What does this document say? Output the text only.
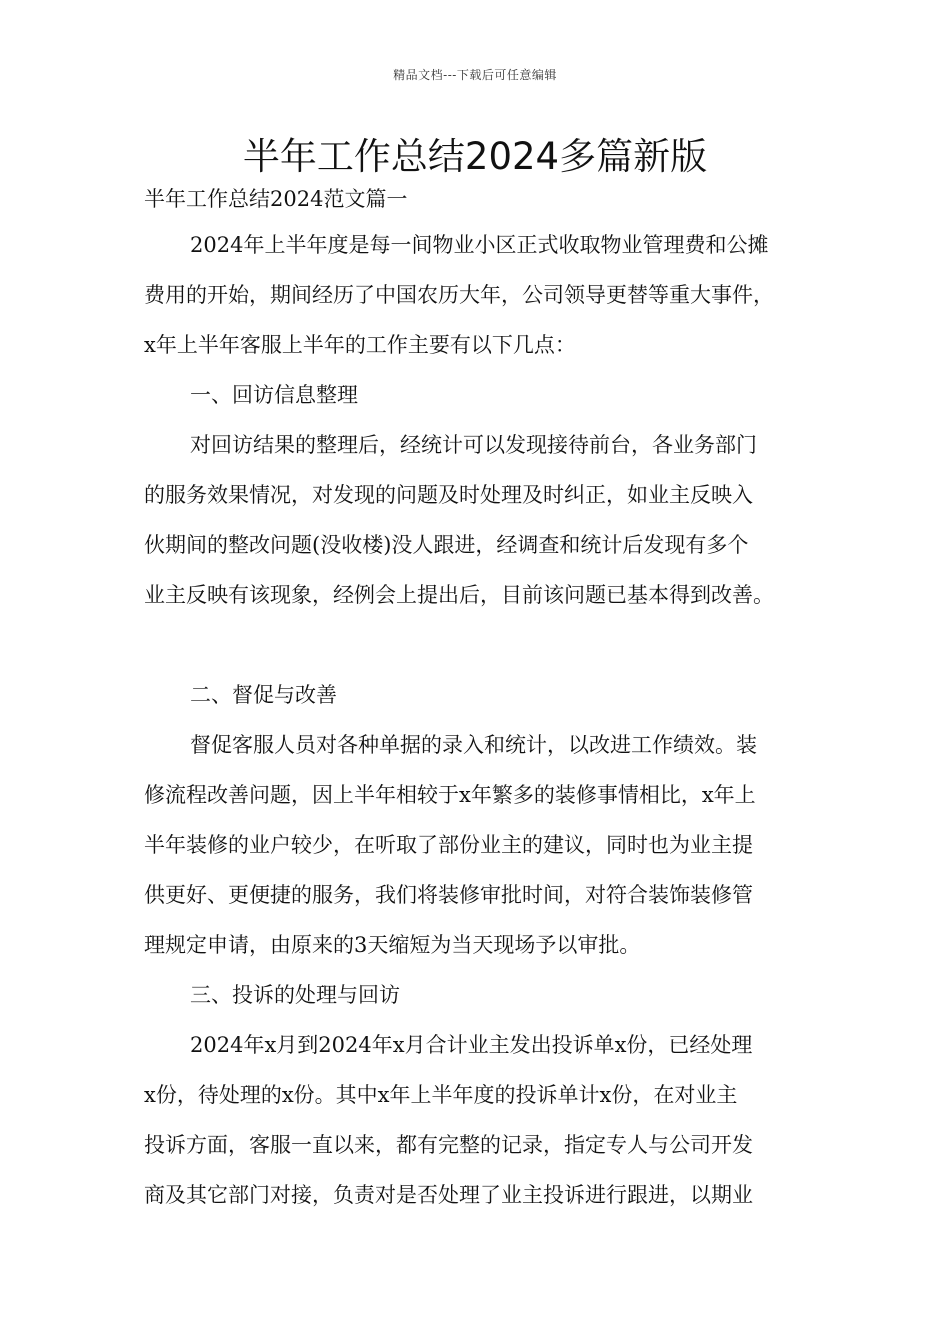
精品文档---下载后可任意编辑
半年工作总结2024多篇新版
半年工作总结2024范文篇一
2024年上半年度是每一间物业小区正式收取物业管理费和公摊
费用的开始，期间经历了中国农历大年，公司领导更替等重大事件，
x年上半年客服上半年的工作主要有以下几点：
一、回访信息整理
对回访结果的整理后，经统计可以发现接待前台，各业务部门
的服务效果情况，对发现的问题及时处理及时纠正，如业主反映入
伙期间的整改问题(没收楼)没人跟进，经调查和统计后发现有多个
业主反映有该现象，经例会上提出后，目前该问题已基本得到改善。
二、督促与改善
督促客服人员对各种单据的录入和统计，以改进工作绩效。装
修流程改善问题，因上半年相较于x年繁多的装修事情相比，x年上
半年装修的业户较少，在听取了部份业主的建议，同时也为业主提
供更好、更便捷的服务，我们将装修审批时间，对符合装饰装修管
理规定申请，由原来的3天缩短为当天现场予以审批。
三、投诉的处理与回访
2024年x月到2024年x月合计业主发出投诉单x份，已经处理
x份，待处理的x份。其中x年上半年度的投诉单计x份，在对业主
投诉方面，客服一直以来，都有完整的记录，指定专人与公司开发
商及其它部门对接，负责对是否处理了业主投诉进行跟进，以期业
